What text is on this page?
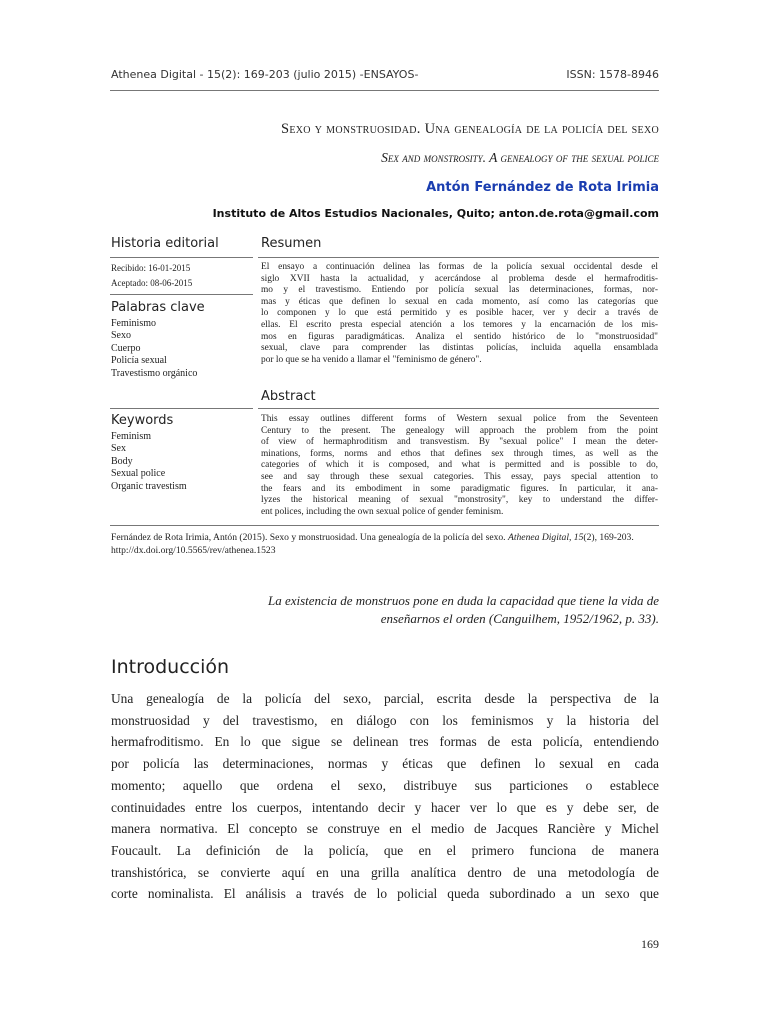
Athenea Digital - 15(2): 169-203 (julio 2015) -ENSAYOS-	ISSN: 1578-8946
Sexo y monstruosidad. Una genealogía de la policía del sexo
Sex and monstrosity. A genealogy of the sexual police
Antón Fernández de Rota Irimia
Instituto de Altos Estudios Nacionales, Quito; anton.de.rota@gmail.com
Historia editorial	Resumen
Recibido: 16-01-2015
Aceptado: 08-06-2015
Palabras clave
Feminismo
Sexo
Cuerpo
Policía sexual
Travestismo orgánico
El ensayo a continuación delinea las formas de la policía sexual occidental desde el
siglo XVII hasta la actualidad, y acercándose al problema desde el hermafroditis-
mo y el travestismo. Entiendo por policía sexual las determinaciones, formas, nor-
mas y éticas que definen lo sexual en cada momento, así como las categorías que
lo componen y lo que está permitido y es posible hacer, ver y decir a través de
ellas. El escrito presta especial atención a los temores y la encarnación de los mis-
mos en figuras paradigmáticas. Analiza el sentido histórico de lo "monstruosidad"
sexual, clave para comprender las distintas policías, incluida aquella ensamblada
por lo que se ha venido a llamar el "feminismo de género".
Abstract
Keywords
Feminism
Sex
Body
Sexual police
Organic travestism
This essay outlines different forms of Western sexual police from the Seventeen
Century to the present. The genealogy will approach the problem from the point
of view of hermaphroditism and transvestism. By "sexual police" I mean the deter-
minations, forms, norms and ethos that defines sex through times, as well as the
categories of which it is composed, and what is permitted and is possible to do,
see and say through these sexual categories. This essay, pays special attention to
the fears and its embodiment in some paradigmatic figures. In particular, it ana-
lyzes the historical meaning of sexual "monstrosity", key to understand the differ-
ent polices, including the own sexual police of gender feminism.
Fernández de Rota Irimia, Antón (2015). Sexo y monstruosidad. Una genealogía de la policía del sexo. Athenea Digital, 15(2), 169-203. http://dx.doi.org/10.5565/rev/athenea.1523
La existencia de monstruos pone en duda la capacidad que tiene la vida de
enseñarnos el orden (Canguilhem, 1952/1962, p. 33).
Introducción
Una genealogía de la policía del sexo, parcial, escrita desde la perspectiva de la
monstruosidad y del travestismo, en diálogo con los feminismos y la historia del
hermafroditismo. En lo que sigue se delinean tres formas de esta policía, entendiendo
por policía las determinaciones, normas y éticas que definen lo sexual en cada
momento; aquello que ordena el sexo, distribuye sus particiones o establece
continuidades entre los cuerpos, intentando decir y hacer ver lo que es y debe ser, de
manera normativa. El concepto se construye en el medio de Jacques Rancière y Michel
Foucault. La definición de la policía, que en el primero funciona de manera
transhistórica, se convierte aquí en una grilla analítica dentro de una metodología de
corte nominalista. El análisis a través de lo policial queda subordinado a un sexo que
169
